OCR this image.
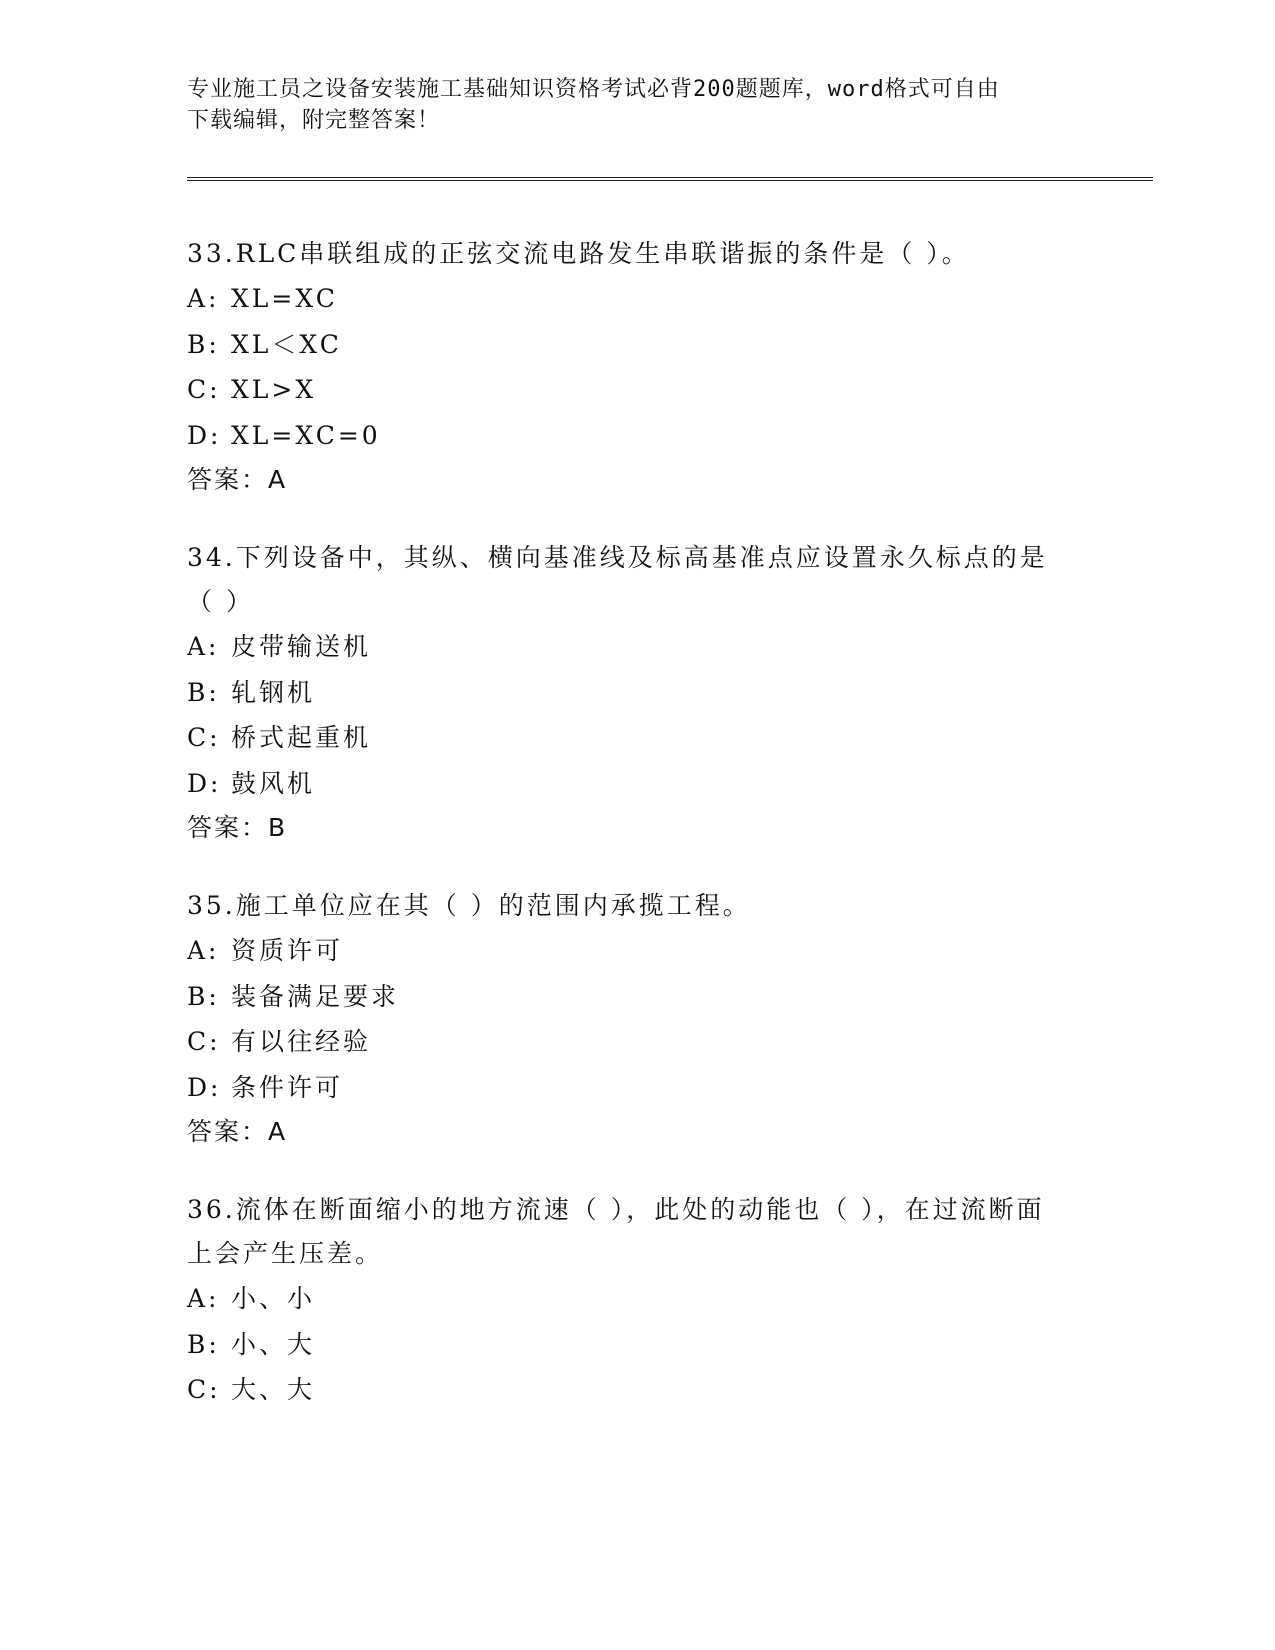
专业施工员之设备安装施工基础知识资格考试必背200题题库，word格式可自由
下载编辑，附完整答案！
33.RLC串联组成的正弦交流电路发生串联谐振的条件是（ ）。
A: XL=XC
B: XL＜XC
C: XL>X
D: XL=XC=0
答案：A
34.下列设备中，其纵、横向基准线及标高基准点应设置永久标点的是（ ）
A: 皮带输送机
B: 轧钢机
C: 桥式起重机
D: 鼓风机
答案：B
35.施工单位应在其（ ）的范围内承揽工程。
A: 资质许可
B: 装备满足要求
C: 有以往经验
D: 条件许可
答案：A
36.流体在断面缩小的地方流速（ ），此处的动能也（ ），在过流断面上会产生压差。
A: 小、小
B: 小、大
C: 大、大
